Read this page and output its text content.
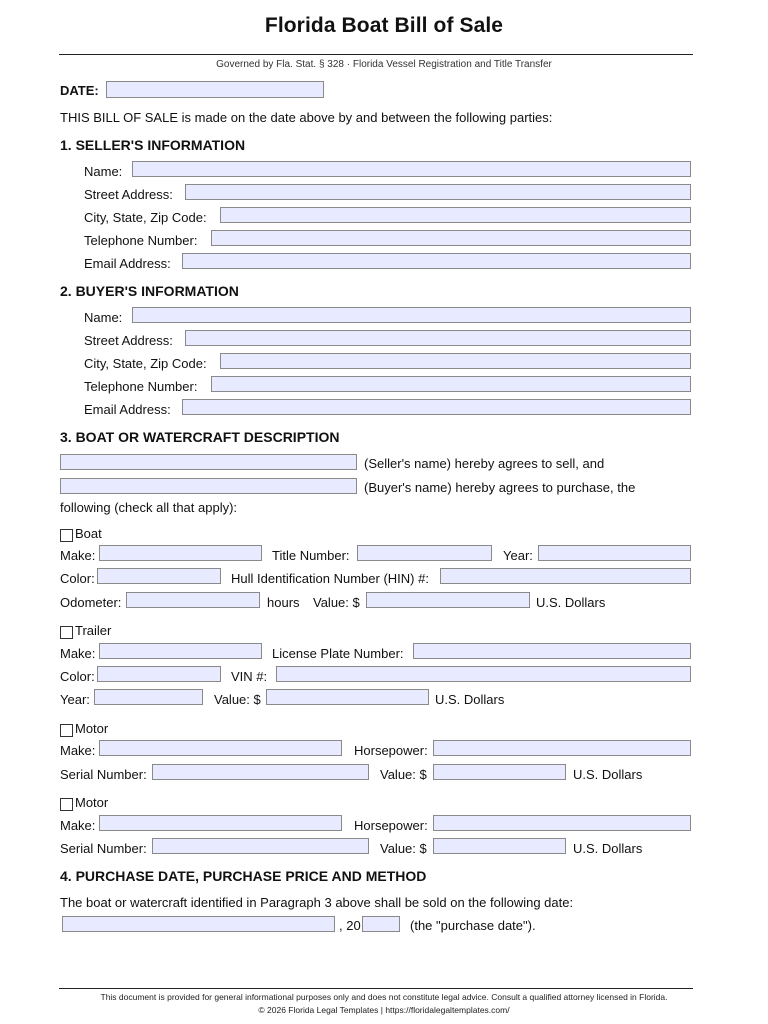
Florida Boat Bill of Sale
Governed by Fla. Stat. § 328 · Florida Vessel Registration and Title Transfer
DATE:
THIS BILL OF SALE is made on the date above by and between the following parties:
1. SELLER'S INFORMATION
Name:
Street Address:
City, State, Zip Code:
Telephone Number:
Email Address:
2. BUYER'S INFORMATION
Name:
Street Address:
City, State, Zip Code:
Telephone Number:
Email Address:
3. BOAT OR WATERCRAFT DESCRIPTION
(Seller's name) hereby agrees to sell, and
(Buyer's name) hereby agrees to purchase, the
following (check all that apply):
Boat
Make:	Title Number:	Year:
Color:	Hull Identification Number (HIN) #:
Odometer:	hours Value: $	U.S. Dollars
Trailer
Make:	License Plate Number:
Color:	VIN #:
Year:	Value: $	U.S. Dollars
Motor
Make:	Horsepower:
Serial Number:	Value: $	U.S. Dollars
Motor
Make:	Horsepower:
Serial Number:	Value: $	U.S. Dollars
4. PURCHASE DATE, PURCHASE PRICE AND METHOD
The boat or watercraft identified in Paragraph 3 above shall be sold on the following date:
, 20	(the "purchase date").
This document is provided for general informational purposes only and does not constitute legal advice. Consult a qualified attorney licensed in Florida.
© 2026 Florida Legal Templates | https://floridalegaltemplates.com/
